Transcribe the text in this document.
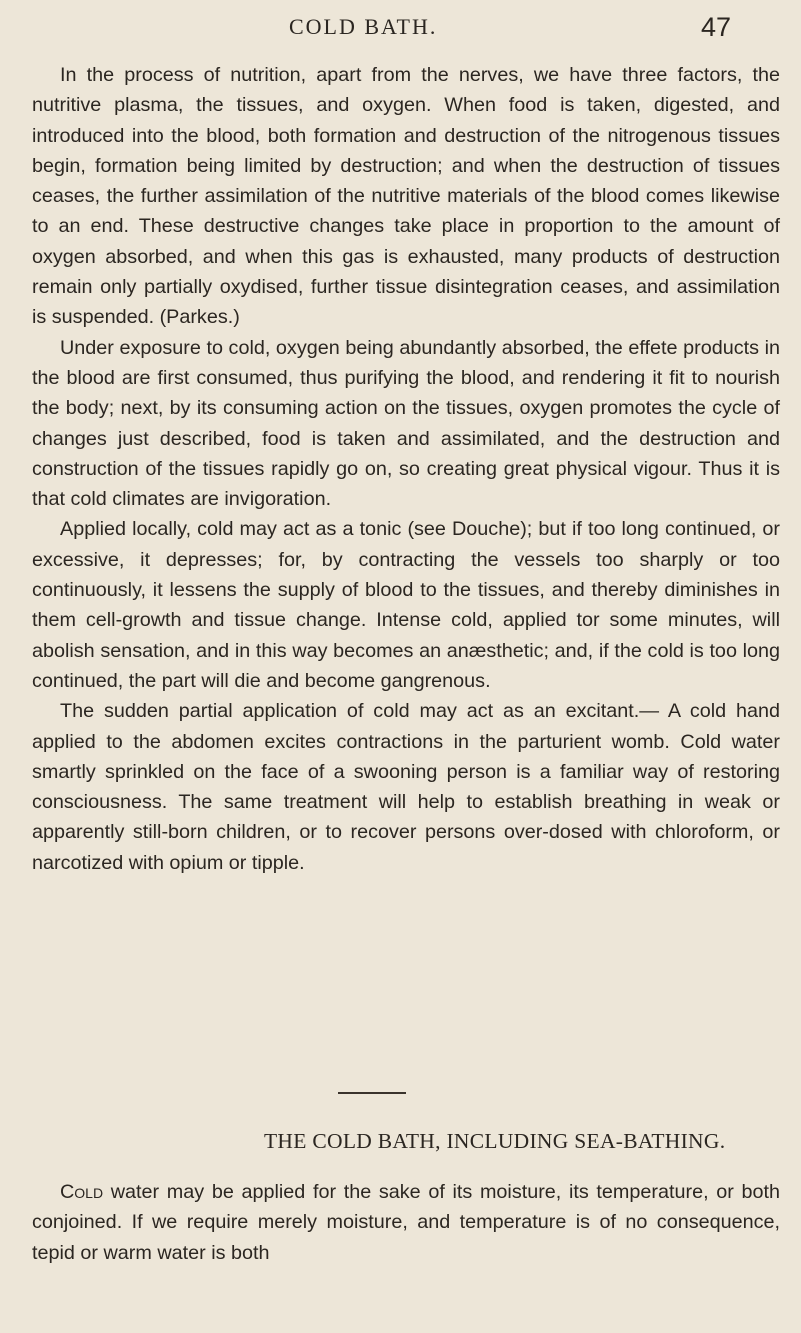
COLD BATH.	47

In the process of nutrition, apart from the nerves, we have three factors, the nutritive plasma, the tissues, and oxygen. When food is taken, digested, and introduced into the blood, both formation and destruction of the nitrogenous tissues begin, formation being limited by destruction; and when the destruction of tissues ceases, the further assimilation of the nutritive materials of the blood comes likewise to an end. These destructive changes take place in proportion to the amount of oxygen absorbed, and when this gas is exhausted, many products of destruction remain only partially oxydised, further tissue disintegration ceases, and assimilation is suspended. (Parkes.)

Under exposure to cold, oxygen being abundantly absorbed, the effete products in the blood are first consumed, thus purifying the blood, and rendering it fit to nourish the body; next, by its consuming action on the tissues, oxygen promotes the cycle of changes just described, food is taken and assimilated, and the destruction and construction of the tissues rapidly go on, so creating great physical vigour. Thus it is that cold climates are invigoration.

Applied locally, cold may act as a tonic (see Douche); but if too long continued, or excessive, it depresses; for, by contracting the vessels too sharply or too continuously, it lessens the supply of blood to the tissues, and thereby diminishes in them cell-growth and tissue change. Intense cold, applied tor some minutes, will abolish sensation, and in this way becomes an anæsthetic; and, if the cold is too long continued, the part will die and become gangrenous.

The sudden partial application of cold may act as an excitant.— A cold hand applied to the abdomen excites contractions in the parturient womb. Cold water smartly sprinkled on the face of a swooning person is a familiar way of restoring consciousness. The same treatment will help to establish breathing in weak or apparently still-born children, or to recover persons over-dosed with chloroform, or narcotized with opium or tipple.

THE COLD BATH, INCLUDING SEA-BATHING.

Cold water may be applied for the sake of its moisture, its temperature, or both conjoined. If we require merely moisture, and temperature is of no consequence, tepid or warm water is both
